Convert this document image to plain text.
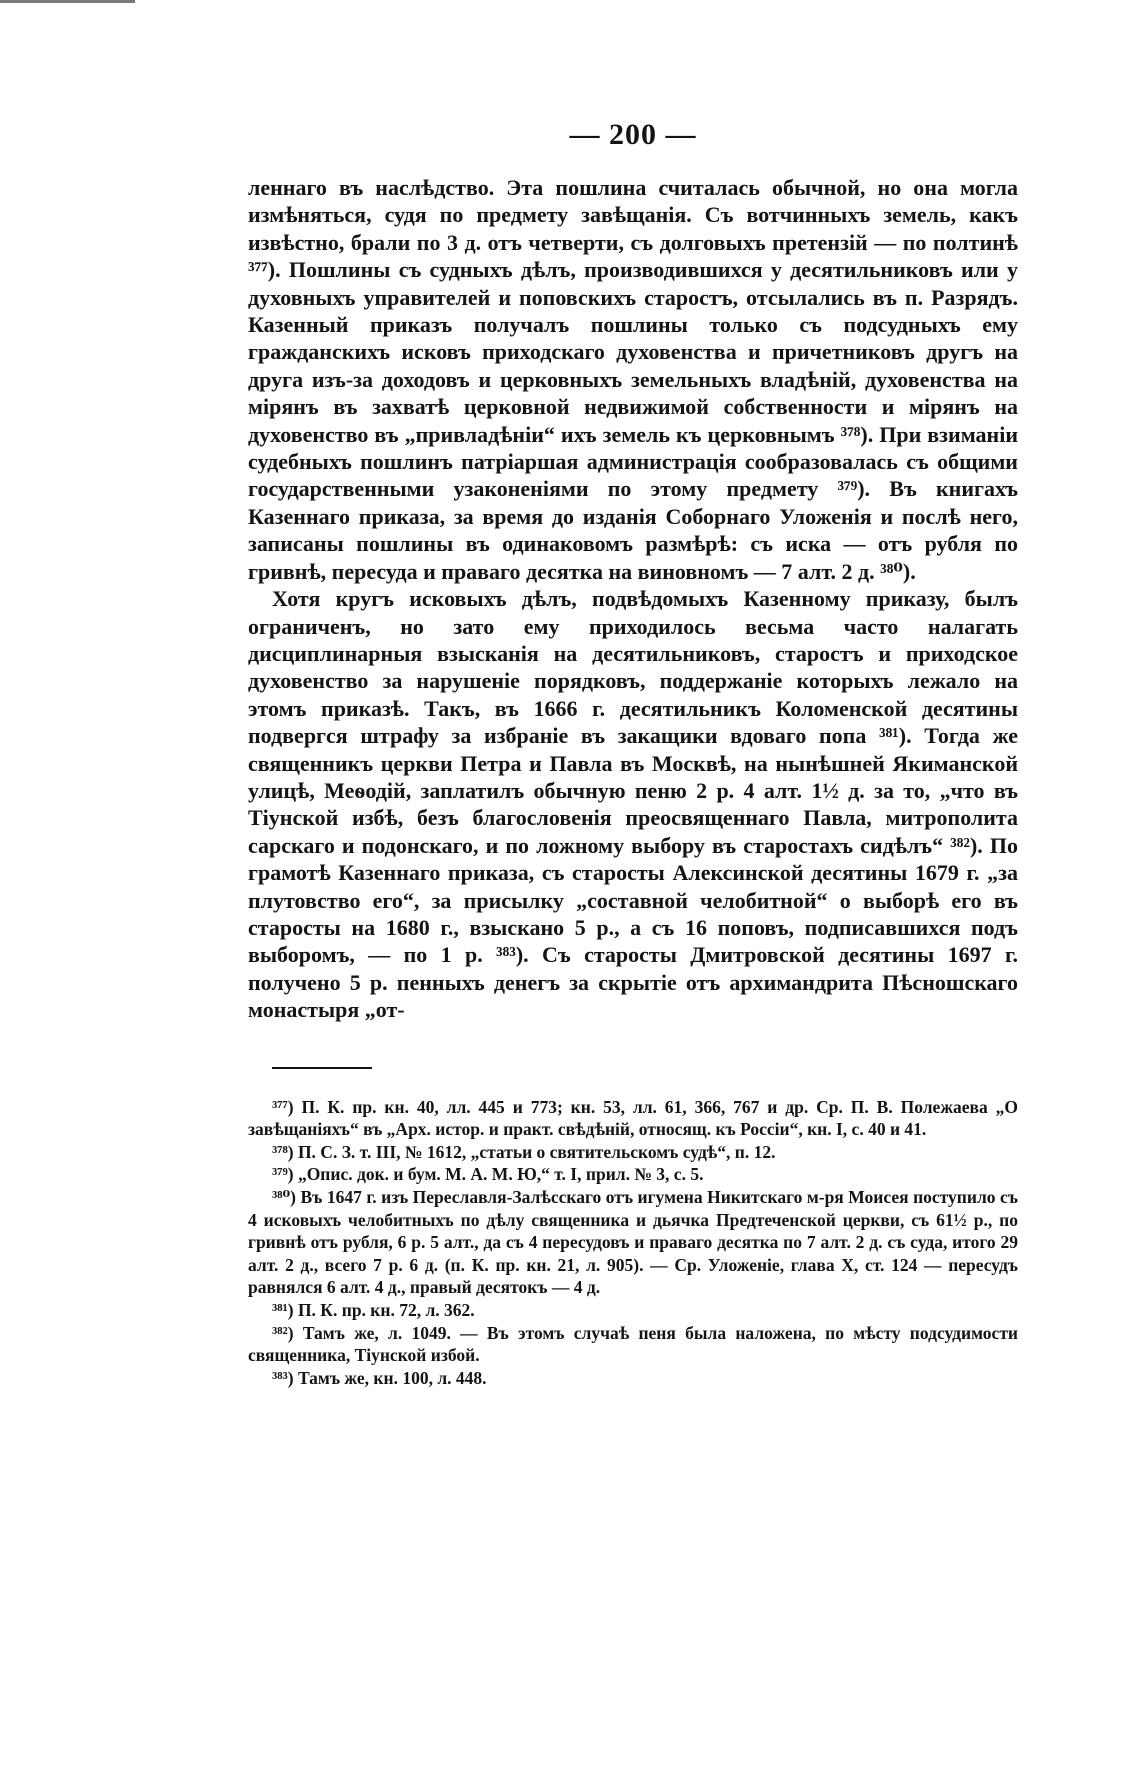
— 200 —

леннаго въ наслѣдство. Эта пошлина считалась обычной, но она могла измѣняться, судя по предмету завѣщанія. Съ вотчинныхъ земель, какъ извѣстно, брали по 3 д. отъ четверти, съ долговыхъ претензій — по полтинѣ ³⁷⁷). Пошлины съ судныхъ дѣлъ, производившихся у десятильниковъ или у духовныхъ управителей и поповскихъ старостъ, отсылались въ п. Разрядъ. Казенный приказъ получалъ пошлины только съ подсудныхъ ему гражданскихъ исковъ приходскаго духовенства и причетниковъ другъ на друга изъ-за доходовъ и церковныхъ земельныхъ владѣній, духовенства на мірянъ въ захватѣ церковной недвижимой собственности и мірянъ на духовенство въ „привладѣніи“ ихъ земель къ церковнымъ ³⁷⁸). При взиманіи судебныхъ пошлинъ патріаршая администрація сообразовалась съ общими государственными узаконеніями по этому предмету ³⁷⁹). Въ книгахъ Казеннаго приказа, за время до изданія Соборнаго Уложенія и послѣ него, записаны пошлины въ одинаковомъ размѣрѣ: съ иска — отъ рубля по гривнѣ, пересуда и праваго десятка на виновномъ — 7 алт. 2 д. ³⁸⁰).

Хотя кругъ исковыхъ дѣлъ, подвѣдомыхъ Казенному приказу, былъ ограниченъ, но зато ему приходилось весьма часто налагать дисциплинарныя взысканія на десятильниковъ, старостъ и приходское духовенство за нарушеніе порядковъ, поддержаніе которыхъ лежало на этомъ приказѣ. Такъ, въ 1666 г. десятильникъ Коломенской десятины подвергся штрафу за избраніе въ закащики вдоваго попа ³⁸¹). Тогда же священникъ церкви Петра и Павла въ Москвѣ, на нынѣшней Якиманской улицѣ, Меѳодій, заплатилъ обычную пеню 2 р. 4 алт. 1½ д. за то, „что въ Тіунской избѣ, безъ благословенія преосвященнаго Павла, митрополита сарскаго и подонскаго, и по ложному выбору въ старостахъ сидѣлъ“ ³⁸²). По грамотѣ Казеннаго приказа, съ старосты Алексинской десятины 1679 г. „за плутовство его“, за присылку „составной челобитной“ о выборѣ его въ старосты на 1680 г., взыскано 5 р., а съ 16 поповъ, подписавшихся подъ выборомъ, — по 1 р. ³⁸³). Съ старосты Дмитровской десятины 1697 г. получено 5 р. пенныхъ денегъ за скрытіе отъ архимандрита Пѣсношскаго монастыря „от-

³⁷⁷) П. К. пр. кн. 40, лл. 445 и 773; кн. 53, лл. 61, 366, 767 и др. Ср. П. В. Полежаева „О завѣщаніяхъ“ въ „Арх. истор. и практ. свѣдѣній, относящ. къ Россіи“, кн. I, с. 40 и 41.

³⁷⁸) П. С. З. т. III, № 1612, „статьи о святительскомъ судѣ“, п. 12.

³⁷⁹) „Опис. док. и бум. М. А. М. Ю,“ т. I, прил. № 3, с. 5.

³⁸⁰) Въ 1647 г. изъ Переславля-Залѣсскаго отъ игумена Никитскаго м-ря Моисея поступило съ 4 исковыхъ челобитныхъ по дѣлу священника и дьячка Предтеченской церкви, съ 61½ р., по гривнѣ отъ рубля, 6 р. 5 алт., да съ 4 пересудовъ и праваго десятка по 7 алт. 2 д. съ суда, итого 29 алт. 2 д., всего 7 р. 6 д. (п. К. пр. кн. 21, л. 905). — Ср. Уложеніе, глава X, ст. 124 — пересудъ равнялся 6 алт. 4 д., правый десятокъ — 4 д.

³⁸¹) П. К. пр. кн. 72, л. 362.

³⁸²) Тамъ же, л. 1049. — Въ этомъ случаѣ пеня была наложена, по мѣсту подсудимости священника, Тіунской избой.

³⁸³) Тамъ же, кн. 100, л. 448.
